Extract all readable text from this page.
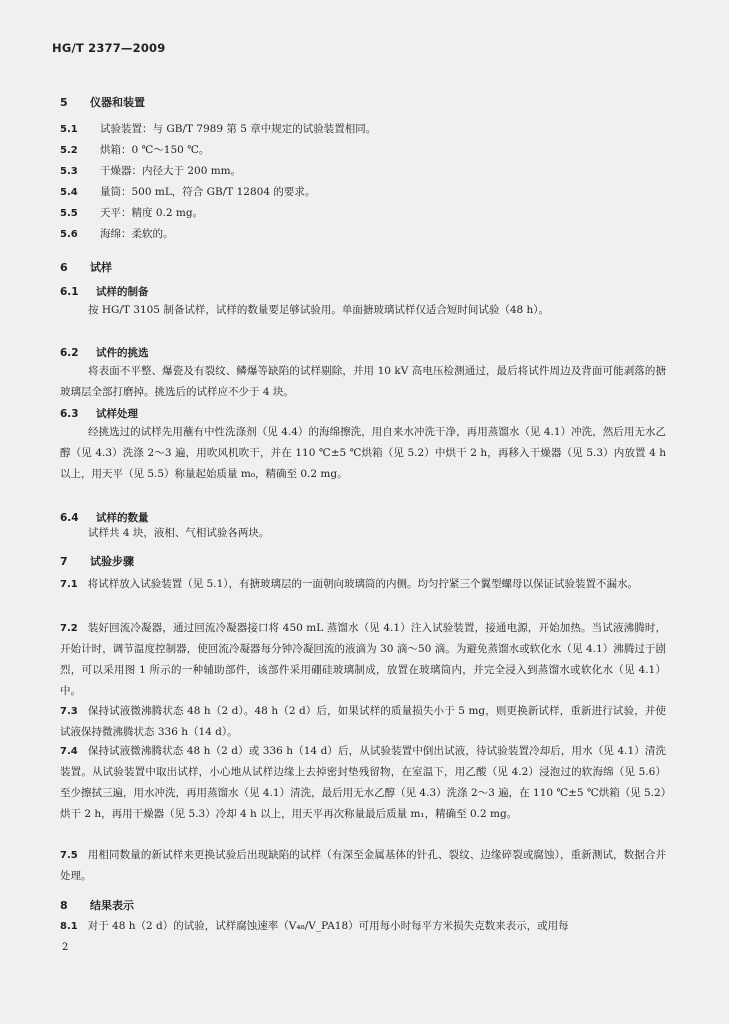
HG/T 2377—2009
5 仪器和装置
5.1 试验装置：与 GB/T 7989 第 5 章中规定的试验装置相同。
5.2 烘箱：0 ℃～150 ℃。
5.3 干燥器：内径大于 200 mm。
5.4 量筒：500 mL，符合 GB/T 12804 的要求。
5.5 天平：精度 0.2 mg。
5.6 海绵：柔软的。
6 试样
6.1 试样的制备
按 HG/T 3105 制备试样，试样的数量要足够试验用。单面搪玻璃试样仅适合短时间试验（48 h）。
6.2 试件的挑选
将表面不平整、爆瓷及有裂纹、鳞爆等缺陷的试样剔除，并用 10 kV 高电压检测通过，最后将试件周边及背面可能剥落的搪玻璃层全部打磨掉。挑选后的试样应不少于 4 块。
6.3 试样处理
经挑选过的试样先用蘸有中性洗涤剂（见 4.4）的海绵擦洗，用自来水冲洗干净，再用蒸馏水（见 4.1）冲洗，然后用无水乙醇（见 4.3）洗涤 2～3 遍，用吹风机吹干，并在 110 ℃±5 ℃烘箱（见 5.2）中烘干 2 h，再移入干燥器（见 5.3）内放置 4 h 以上，用天平（见 5.5）称量起始质量 m₀，精确至 0.2 mg。
6.4 试样的数量
试样共 4 块，液相、气相试验各两块。
7 试验步骤
7.1 将试样放入试验装置（见 5.1），有搪玻璃层的一面朝向玻璃筒的内侧。均匀拧紧三个翼型螺母以保证试验装置不漏水。
7.2 装好回流冷凝器，通过回流冷凝器接口将 450 mL 蒸馏水（见 4.1）注入试验装置，接通电源，开始加热。当试液沸腾时，开始计时，调节温度控制器，使回流冷凝器每分钟冷凝回流的液滴为 30 滴～50 滴。为避免蒸馏水或软化水（见 4.1）沸腾过于剧烈，可以采用图 1 所示的一种辅助部件，该部件采用硼硅玻璃制成，放置在玻璃筒内，并完全浸入到蒸馏水或软化水（见 4.1）中。
7.3 保持试液微沸腾状态 48 h（2 d）。48 h（2 d）后，如果试样的质量损失小于 5 mg，则更换新试样，重新进行试验，并使试液保持微沸腾状态 336 h（14 d）。
7.4 保持试液微沸腾状态 48 h（2 d）或 336 h（14 d）后，从试验装置中倒出试液，待试验装置冷却后，用水（见 4.1）清洗装置。从试验装置中取出试样，小心地从试样边缘上去掉密封垫残留物，在室温下，用乙酸（见 4.2）浸泡过的软海绵（见 5.6）至少擦拭三遍，用水冲洗，再用蒸馏水（见 4.1）清洗，最后用无水乙醇（见 4.3）洗涤 2～3 遍，在 110 ℃±5 ℃烘箱（见 5.2）烘干 2 h，再用干燥器（见 5.3）冷却 4 h 以上，用天平再次称量最后质量 m₁，精确至 0.2 mg。
7.5 用相同数量的新试样来更换试验后出现缺陷的试样（有深至金属基体的针孔、裂纹、边缘碎裂或腐蚀），重新测试，数据合并处理。
8 结果表示
8.1 对于 48 h（2 d）的试验，试样腐蚀速率（V₄₈/V_PA18）可用每小时每平方米损失克数来表示，或用每
2
